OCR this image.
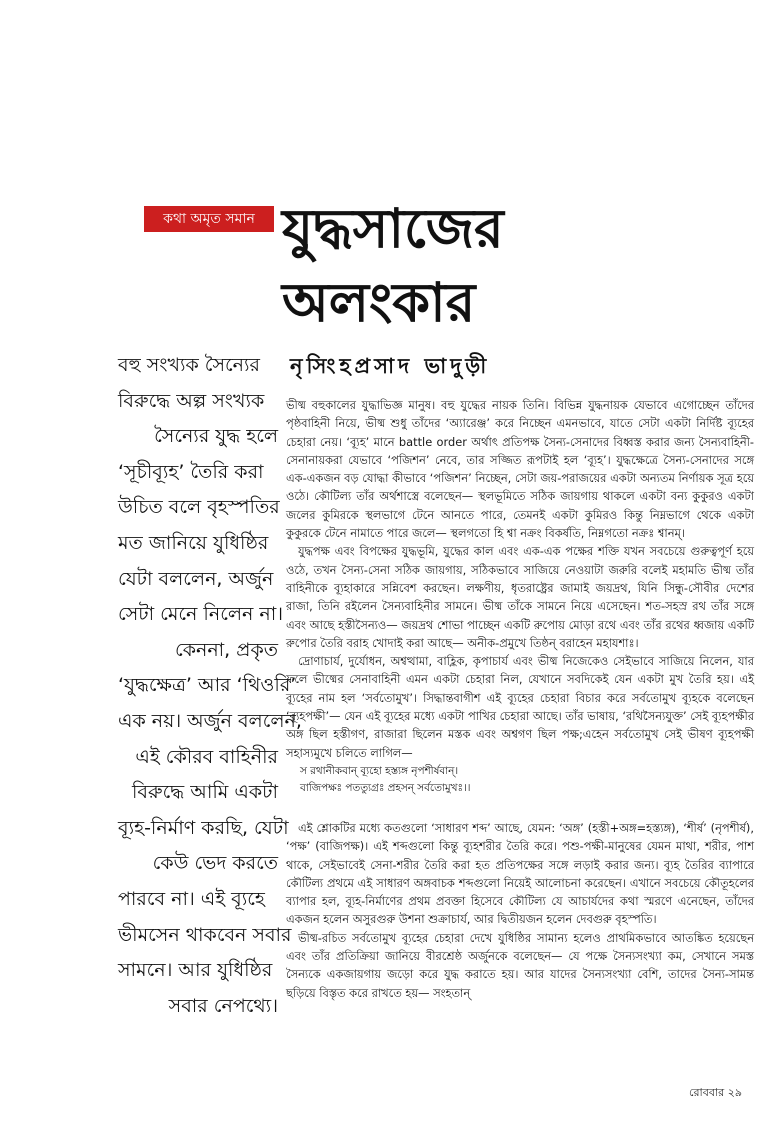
কথা অমৃত সমান যুদ্ধসাজের
অলংকার
নৃসিংহপ্রসাদ ভাদুড়ী
বহু সংখ্যক সৈন্যের
বিরুদ্ধে অল্প সংখ্যক
সৈন্যের যুদ্ধ হলে
‘সূচীব্যূহ’ তৈরি করা
উচিত বলে বৃহস্পতির
মত জানিয়ে যুধিষ্ঠির
যেটা বললেন, অর্জুন
সেটা মেনে নিলেন না।
কেননা, প্রকৃত
‘যুদ্ধক্ষেত্র’ আর ‘থিওরি’
এক নয়। অর্জুন বললেন,
এই কৌরব বাহিনীর
বিরুদ্ধে আমি একটা
ব্যূহ-নির্মাণ করছি, যেটা
কেউ ভেদ করতে
পারবে না। এই ব্যূহে
ভীমসেন থাকবেন সবার
সামনে। আর যুধিষ্ঠির
সবার নেপথ্যে।

ভীষ্ম বহুকালের যুদ্ধাভিজ্ঞ মানুষ। বহু যুদ্ধের নায়ক তিনি। বিভিন্ন যুদ্ধনায়ক যেভাবে এগোচ্ছেন তাঁদের পৃষ্ঠবাহিনী নিয়ে, ভীষ্ম শুধু তাঁদের ‘অ্যারেঞ্জ’ করে নিচ্ছেন এমনভাবে, যাতে সেটা একটা নির্দিষ্ট ব্যূহের চেহারা নেয়। ‘ব্যূহ’ মানে battle order অর্থাৎ প্রতিপক্ষ সৈন্য-সেনাদের বিধ্বস্ত করার জন্য সৈন্যবাহিনী-সেনানায়করা যেভাবে ‘পজিশন’ নেবে, তার সজ্জিত রূপটাই হল ‘ব্যূহ’। যুদ্ধক্ষেত্রে সৈন্য-সেনাদের সঙ্গে এক-একজন বড় যোদ্ধা কীভাবে ‘পজিশন’ নিচ্ছেন, সেটা জয়-পরাজয়ের একটা অন্যতম নির্ণায়ক সূত্র হয়ে ওঠে। কৌটিল্য তাঁর অর্থশাস্ত্রে বলেছেন— স্থলভূমিতে সঠিক জায়গায় থাকলে একটা বন্য কুকুরও একটা জলের কুমিরকে স্থলভাগে টেনে আনতে পারে, তেমনই একটা কুমিরও কিন্তু নিম্নভাগে থেকে একটা কুকুরকে টেনে নামাতে পারে জলে— স্থলগতো হি শ্বা নক্রং বিকর্ষতি, নিম্নগতো নক্রঃ শ্বানম্।

যুদ্ধপক্ষ এবং বিপক্ষের যুদ্ধভূমি, যুদ্ধের কাল এবং এক-এক পক্ষের শক্তি যখন সবচেয়ে গুরুত্বপূর্ণ হয়ে ওঠে, তখন সৈন্য-সেনা সঠিক জায়গায়, সঠিকভাবে সাজিয়ে নেওয়াটা জরুরি বলেই মহামতি ভীষ্ম তাঁর বাহিনীকে ব্যূহাকারে সন্নিবেশ করছেন। লক্ষণীয়, ধৃতরাষ্ট্রের জামাই জয়দ্রথ, যিনি সিন্ধু-সৌবীর দেশের রাজা, তিনি রইলেন সৈন্যবাহিনীর সামনে। ভীষ্ম তাঁকে সামনে নিয়ে এসেছেন। শত-সহস্র রথ তাঁর সঙ্গে এবং আছে হস্তীসৈন্যও— জয়দ্রথ শোভা পাচ্ছেন একটি রুপোয় মোড়া রথে এবং তাঁর রথের ধ্বজায় একটি রুপোর তৈরি বরাহ খোদাই করা আছে— অনীক-প্রমুখে তিষ্ঠন্ বরাহেন মহাযশাঃ।

দ্রোণাচার্য, দুর্যোধন, অশ্বত্থামা, বাহ্লিক, কৃপাচার্য এবং ভীষ্ম নিজেকেও সেইভাবে সাজিয়ে নিলেন, যার ফলে ভীষ্মের সেনাবাহিনী এমন একটা চেহারা নিল, যেখানে সবদিকেই যেন একটা মুখ তৈরি হয়। এই ব্যূহের নাম হল ‘সর্বতোমুখ’। সিদ্ধান্তবাগীশ এই ব্যূহের চেহারা বিচার করে সর্বতোমুখ ব্যূহকে বলেছেন ‘ব্যূহপক্ষী’— যেন এই ব্যূহের মধ্যে একটা পাখির চেহারা আছে। তাঁর ভাষায়, ‘রথিসৈন্যযুক্ত’ সেই ব্যূহপক্ষীর অঙ্গ ছিল হস্তীগণ, রাজারা ছিলেন মস্তক এবং অশ্বগণ ছিল পক্ষ;এহেন সর্বতোমুখ সেই ভীষণ ব্যূহপক্ষী সহাস্যমুখে চলিতে লাগিল—

স রথানীকবান্ ব্যূহো হস্ত্যঙ্গ নৃপশীর্ষবান্।
বাজিপক্ষঃ পতত্যুগ্রঃ প্রহসন্ সর্বতোমুখঃ।।

এই শ্লোকটির মধ্যে কতগুলো ‘সাধারণ শব্দ’ আছে, যেমন: ‘অঙ্গ’ (হস্তী+অঙ্গ=হস্ত্যঙ্গ), ‘শীর্ষ’ (নৃপশীর্ষ), ‘পক্ষ’ (বাজিপক্ষ)। এই শব্দগুলো কিন্তু ব্যূহশরীর তৈরি করে। পশু-পক্ষী-মানুষের যেমন মাথা, শরীর, পাশ থাকে, সেইভাবেই সেনা-শরীর তৈরি করা হত প্রতিপক্ষের সঙ্গে লড়াই করার জন্য। ব্যূহ তৈরির ব্যাপারে কৌটিল্য প্রথমে এই সাধারণ অঙ্গবাচক শব্দগুলো নিয়েই আলোচনা করেছেন। এখানে সবচেয়ে কৌতূহলের ব্যাপার হল, ব্যূহ-নির্মাণের প্রথম প্রবক্তা হিসেবে কৌটিল্য যে আচার্যদের কথা স্মরণে এনেছেন, তাঁদের একজন হলেন অসুরগুরু উশনা শুক্রাচার্য, আর দ্বিতীয়জন হলেন দেবগুরু বৃহস্পতি।

ভীষ্ম-রচিত সর্বতোমুখ ব্যূহের চেহারা দেখে যুধিষ্ঠির সামান্য হলেও প্রাথমিকভাবে আতঙ্কিত হয়েছেন এবং তাঁর প্রতিক্রিয়া জানিয়ে বীরশ্রেষ্ঠ অর্জুনকে বলেছেন— যে পক্ষে সৈন্যসংখ্যা কম, সেখানে সমস্ত সৈন্যকে একজায়গায় জড়ো করে যুদ্ধ করাতে হয়। আর যাদের সৈন্যসংখ্যা বেশি, তাদের সৈন্য-সামন্ত ছড়িয়ে বিস্তৃত করে রাখতে হয়— সংহতান্

রোববার ২৯
